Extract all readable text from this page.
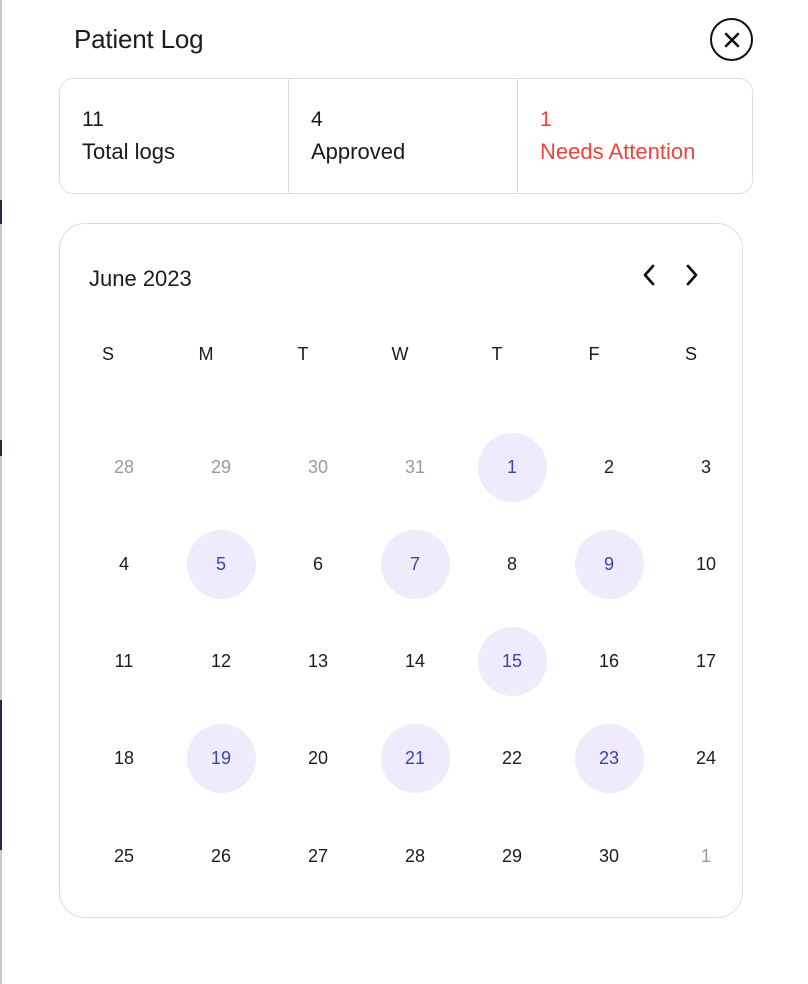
Patient Log
11
Total logs
4
Approved
1
Needs Attention
June 2023
S	M	T	W	T	F	S
28	29	30	31	1	2	3
4	5	6	7	8	9	10
11	12	13	14	15	16	17
18	19	20	21	22	23	24
25	26	27	28	29	30	1
